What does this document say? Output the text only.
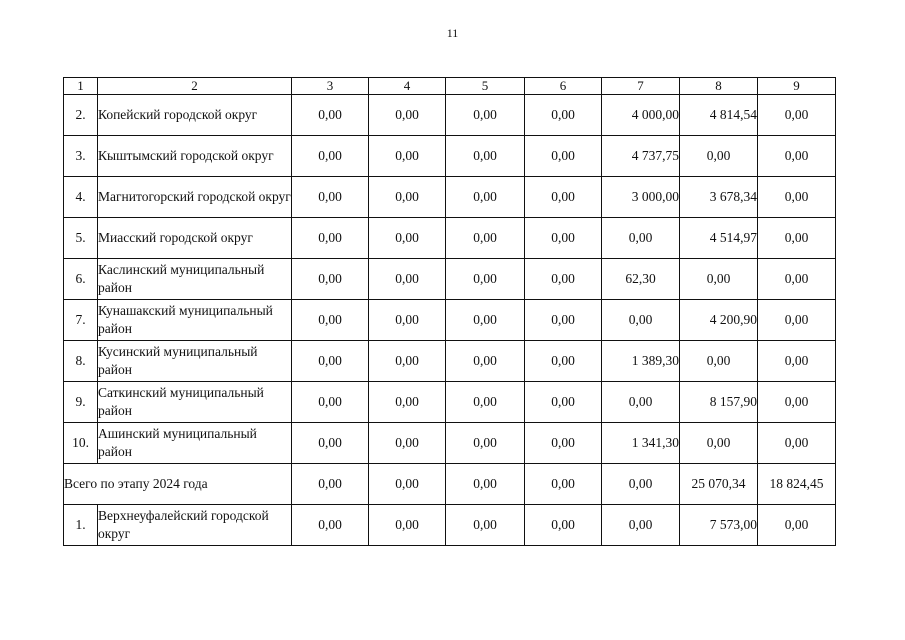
11
1	2	3	4	5	6	7	8	9
2.	Копейский городской округ	0,00	0,00	0,00	0,00	4 000,00	4 814,54	0,00
3.	Кыштымский городской округ	0,00	0,00	0,00	0,00	4 737,75	0,00	0,00
4.	Магнитогорский городской округ	0,00	0,00	0,00	0,00	3 000,00	3 678,34	0,00
5.	Миасский городской округ	0,00	0,00	0,00	0,00	0,00	4 514,97	0,00
6.	Каслинский муниципальный район	0,00	0,00	0,00	0,00	62,30	0,00	0,00
7.	Кунашакский муниципальный район	0,00	0,00	0,00	0,00	0,00	4 200,90	0,00
8.	Кусинский муниципальный район	0,00	0,00	0,00	0,00	1 389,30	0,00	0,00
9.	Саткинский муниципальный район	0,00	0,00	0,00	0,00	0,00	8 157,90	0,00
10.	Ашинский муниципальный район	0,00	0,00	0,00	0,00	1 341,30	0,00	0,00
Всего по этапу 2024 года		0,00	0,00	0,00	0,00	0,00	25 070,34	18 824,45
1.	Верхнеуфалейский городской округ	0,00	0,00	0,00	0,00	0,00	7 573,00	0,00
